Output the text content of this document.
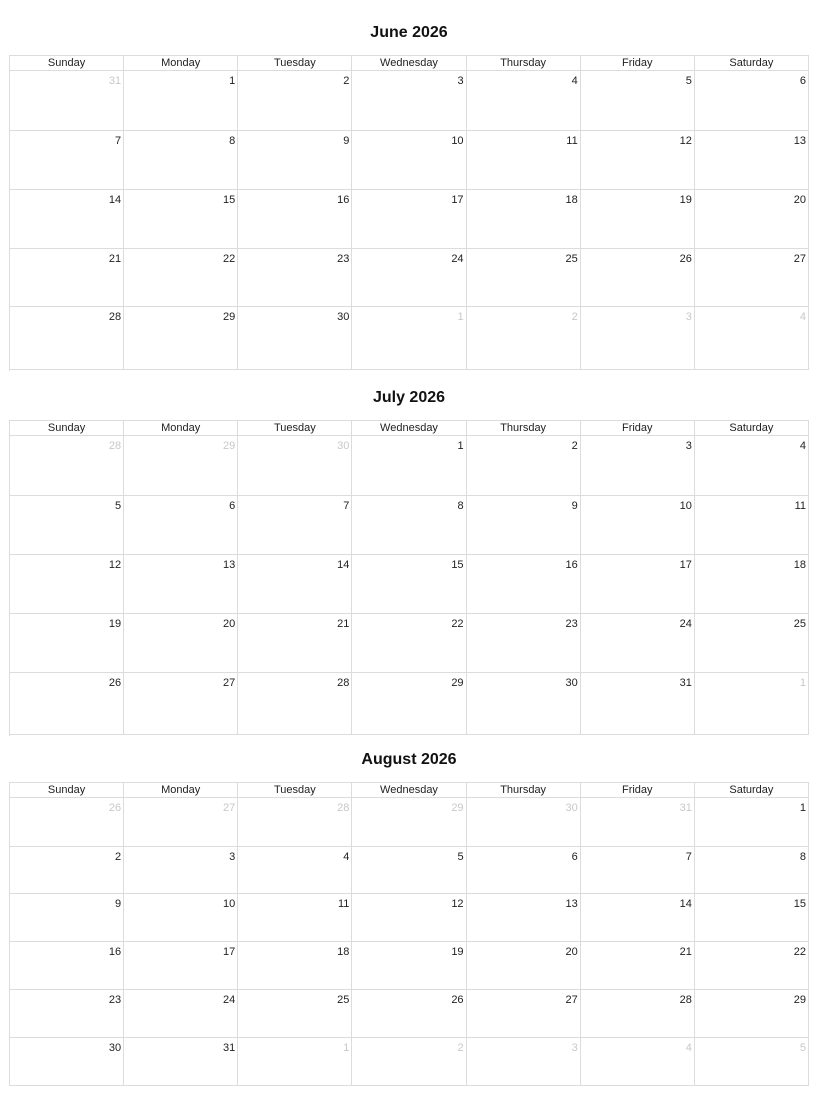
June 2026
Sunday	Monday	Tuesday	Wednesday	Thursday	Friday	Saturday
31	1	2	3	4	5	6
7	8	9	10	11	12	13
14	15	16	17	18	19	20
21	22	23	24	25	26	27
28	29	30	1	2	3	4
July 2026
Sunday	Monday	Tuesday	Wednesday	Thursday	Friday	Saturday
28	29	30	1	2	3	4
5	6	7	8	9	10	11
12	13	14	15	16	17	18
19	20	21	22	23	24	25
26	27	28	29	30	31	1
August 2026
Sunday	Monday	Tuesday	Wednesday	Thursday	Friday	Saturday
26	27	28	29	30	31	1
2	3	4	5	6	7	8
9	10	11	12	13	14	15
16	17	18	19	20	21	22
23	24	25	26	27	28	29
30	31	1	2	3	4	5
